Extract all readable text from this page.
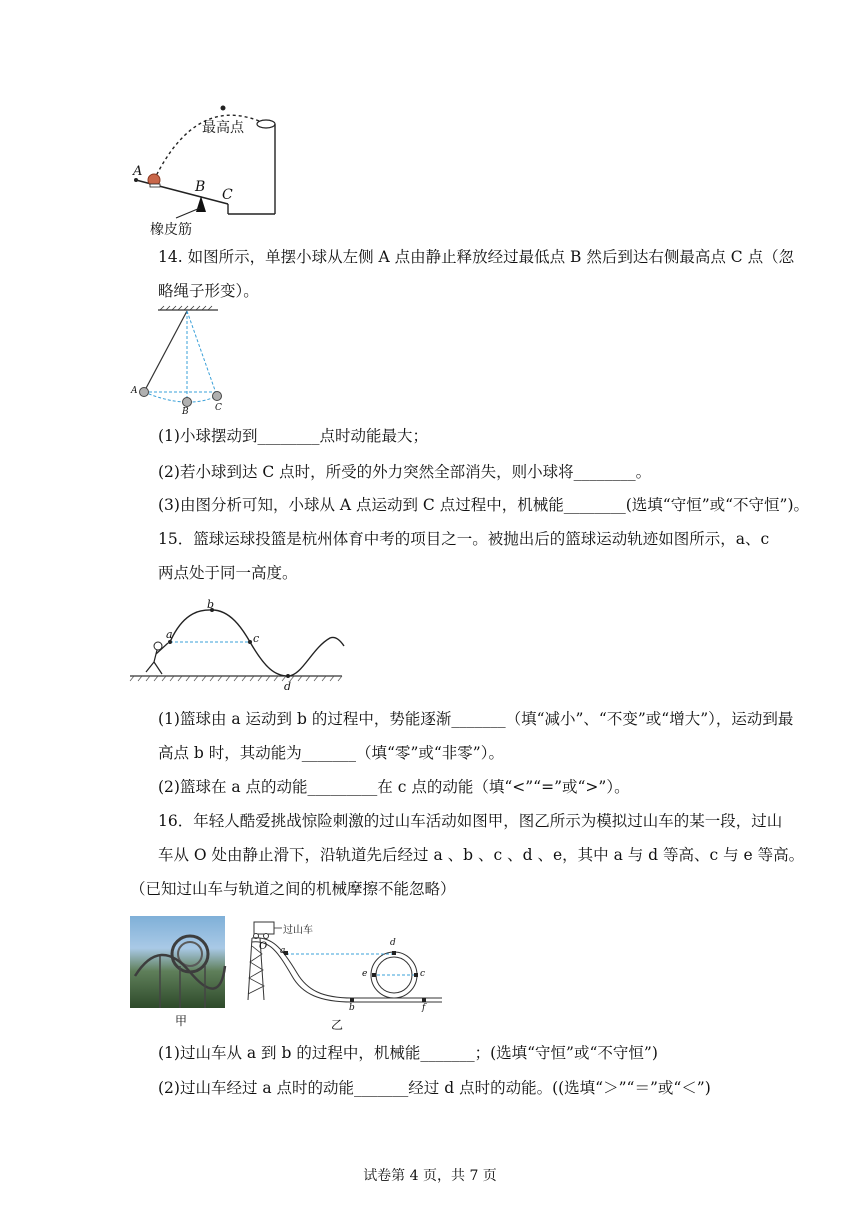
最高点
A
B C
橡皮筋
14. 如图所示，单摆小球从左侧 A 点由静止释放经过最低点 B 然后到达右侧最高点 C 点（忽
略绳子形变）。
A
B	C
(1)小球摆动到________点时动能最大；
(2)若小球到达 C 点时，所受的外力突然全部消失，则小球将________。
(3)由图分析可知，小球从 A 点运动到 C 点过程中，机械能________(选填“守恒”或“不守恒”)。
15．篮球运球投篮是杭州体育中考的项目之一。被抛出后的篮球运动轨迹如图所示，a、c
两点处于同一高度。
a
b
c
d
(1)篮球由 a 运动到 b 的过程中，势能逐渐_______（填“减小”、“不变”或“增大”），运动到最
高点 b 时，其动能为_______（填“零”或“非零”）。
(2)篮球在 a 点的动能_________在 c 点的动能（填“<”“=”或“>”）。
16．年轻人酷爱挑战惊险刺激的过山车活动如图甲，图乙所示为模拟过山车的某一段，过山
车从 O 处由静止滑下，沿轨道先后经过 a 、b 、c 、d 、e，其中 a 与 d 等高、c 与 e 等高。
（已知过山车与轨道之间的机械摩擦不能忽略）
甲
过山车
O a
d
e	c
b	f
乙
(1)过山车从 a 到 b 的过程中，机械能_______；(选填“守恒”或“不守恒”)
(2)过山车经过 a 点时的动能_______经过 d 点时的动能。((选填“＞”“＝”或“＜”)
试卷第 4 页，共 7 页
